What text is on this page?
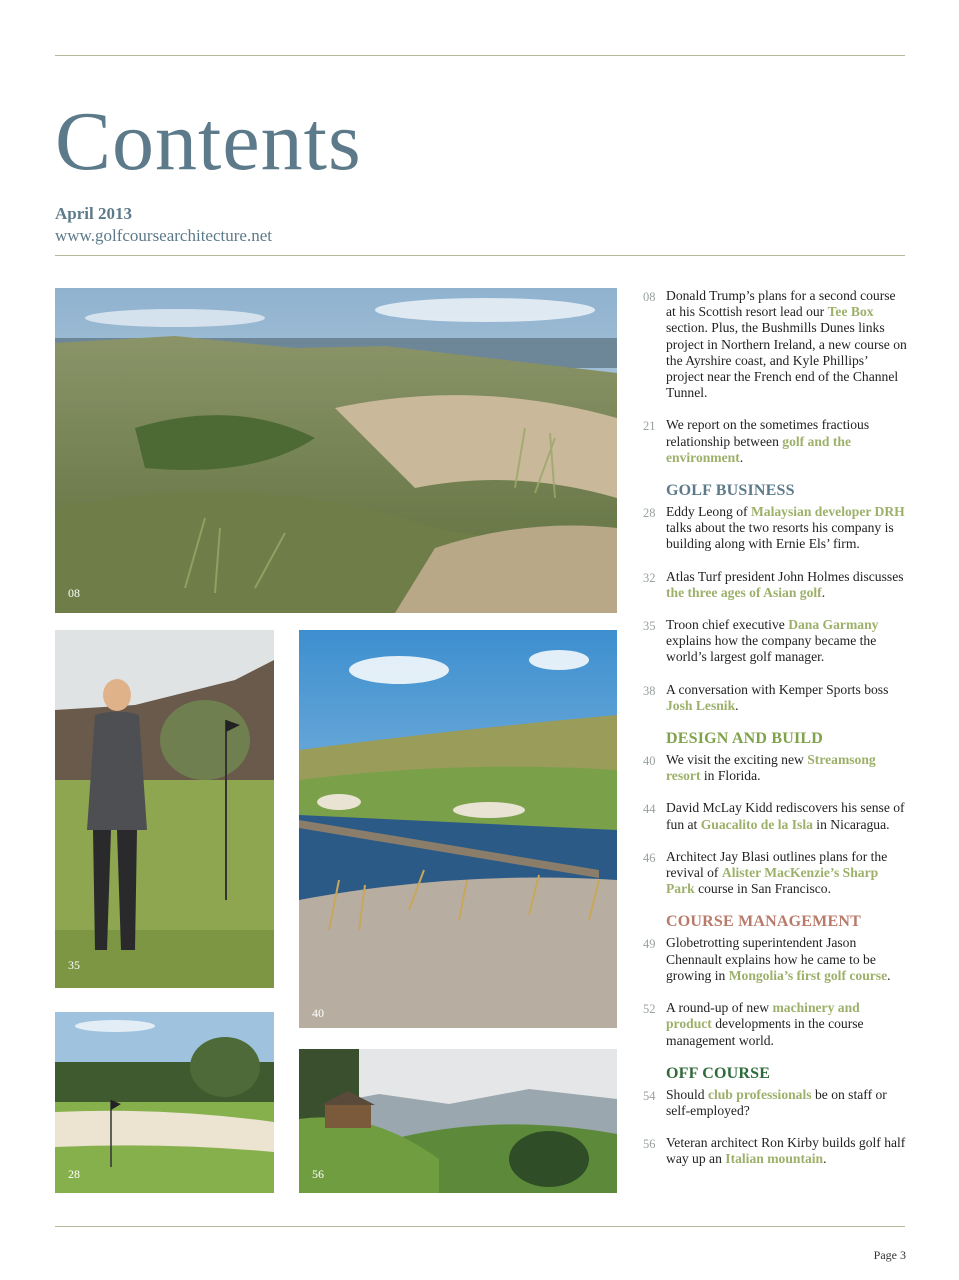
Contents
April 2013
www.golfcoursearchitecture.net
08
35
40
28	56
08 Donald Trump’s plans for a second course at his Scottish resort lead our Tee Box section. Plus, the Bushmills Dunes links project in Northern Ireland, a new course on the Ayrshire coast, and Kyle Phillips’ project near the French end of the Channel Tunnel.
21 We report on the sometimes fractious relationship between golf and the environment.
GOLF BUSINESS
28 Eddy Leong of Malaysian developer DRH talks about the two resorts his company is building along with Ernie Els’ firm.
32 Atlas Turf president John Holmes discusses the three ages of Asian golf.
35 Troon chief executive Dana Garmany explains how the company became the world’s largest golf manager.
38 A conversation with Kemper Sports boss Josh Lesnik.
DESIGN AND BUILD
40 We visit the exciting new Streamsong resort in Florida.
44 David McLay Kidd rediscovers his sense of fun at Guacalito de la Isla in Nicaragua.
46 Architect Jay Blasi outlines plans for the revival of Alister MacKenzie’s Sharp Park course in San Francisco.
COURSE MANAGEMENT
49 Globetrotting superintendent Jason Chennault explains how he came to be growing in Mongolia’s first golf course.
52 A round-up of new machinery and product developments in the course management world.
OFF COURSE
54 Should club professionals be on staff or self-employed?
56 Veteran architect Ron Kirby builds golf half way up an Italian mountain.
Page 3
